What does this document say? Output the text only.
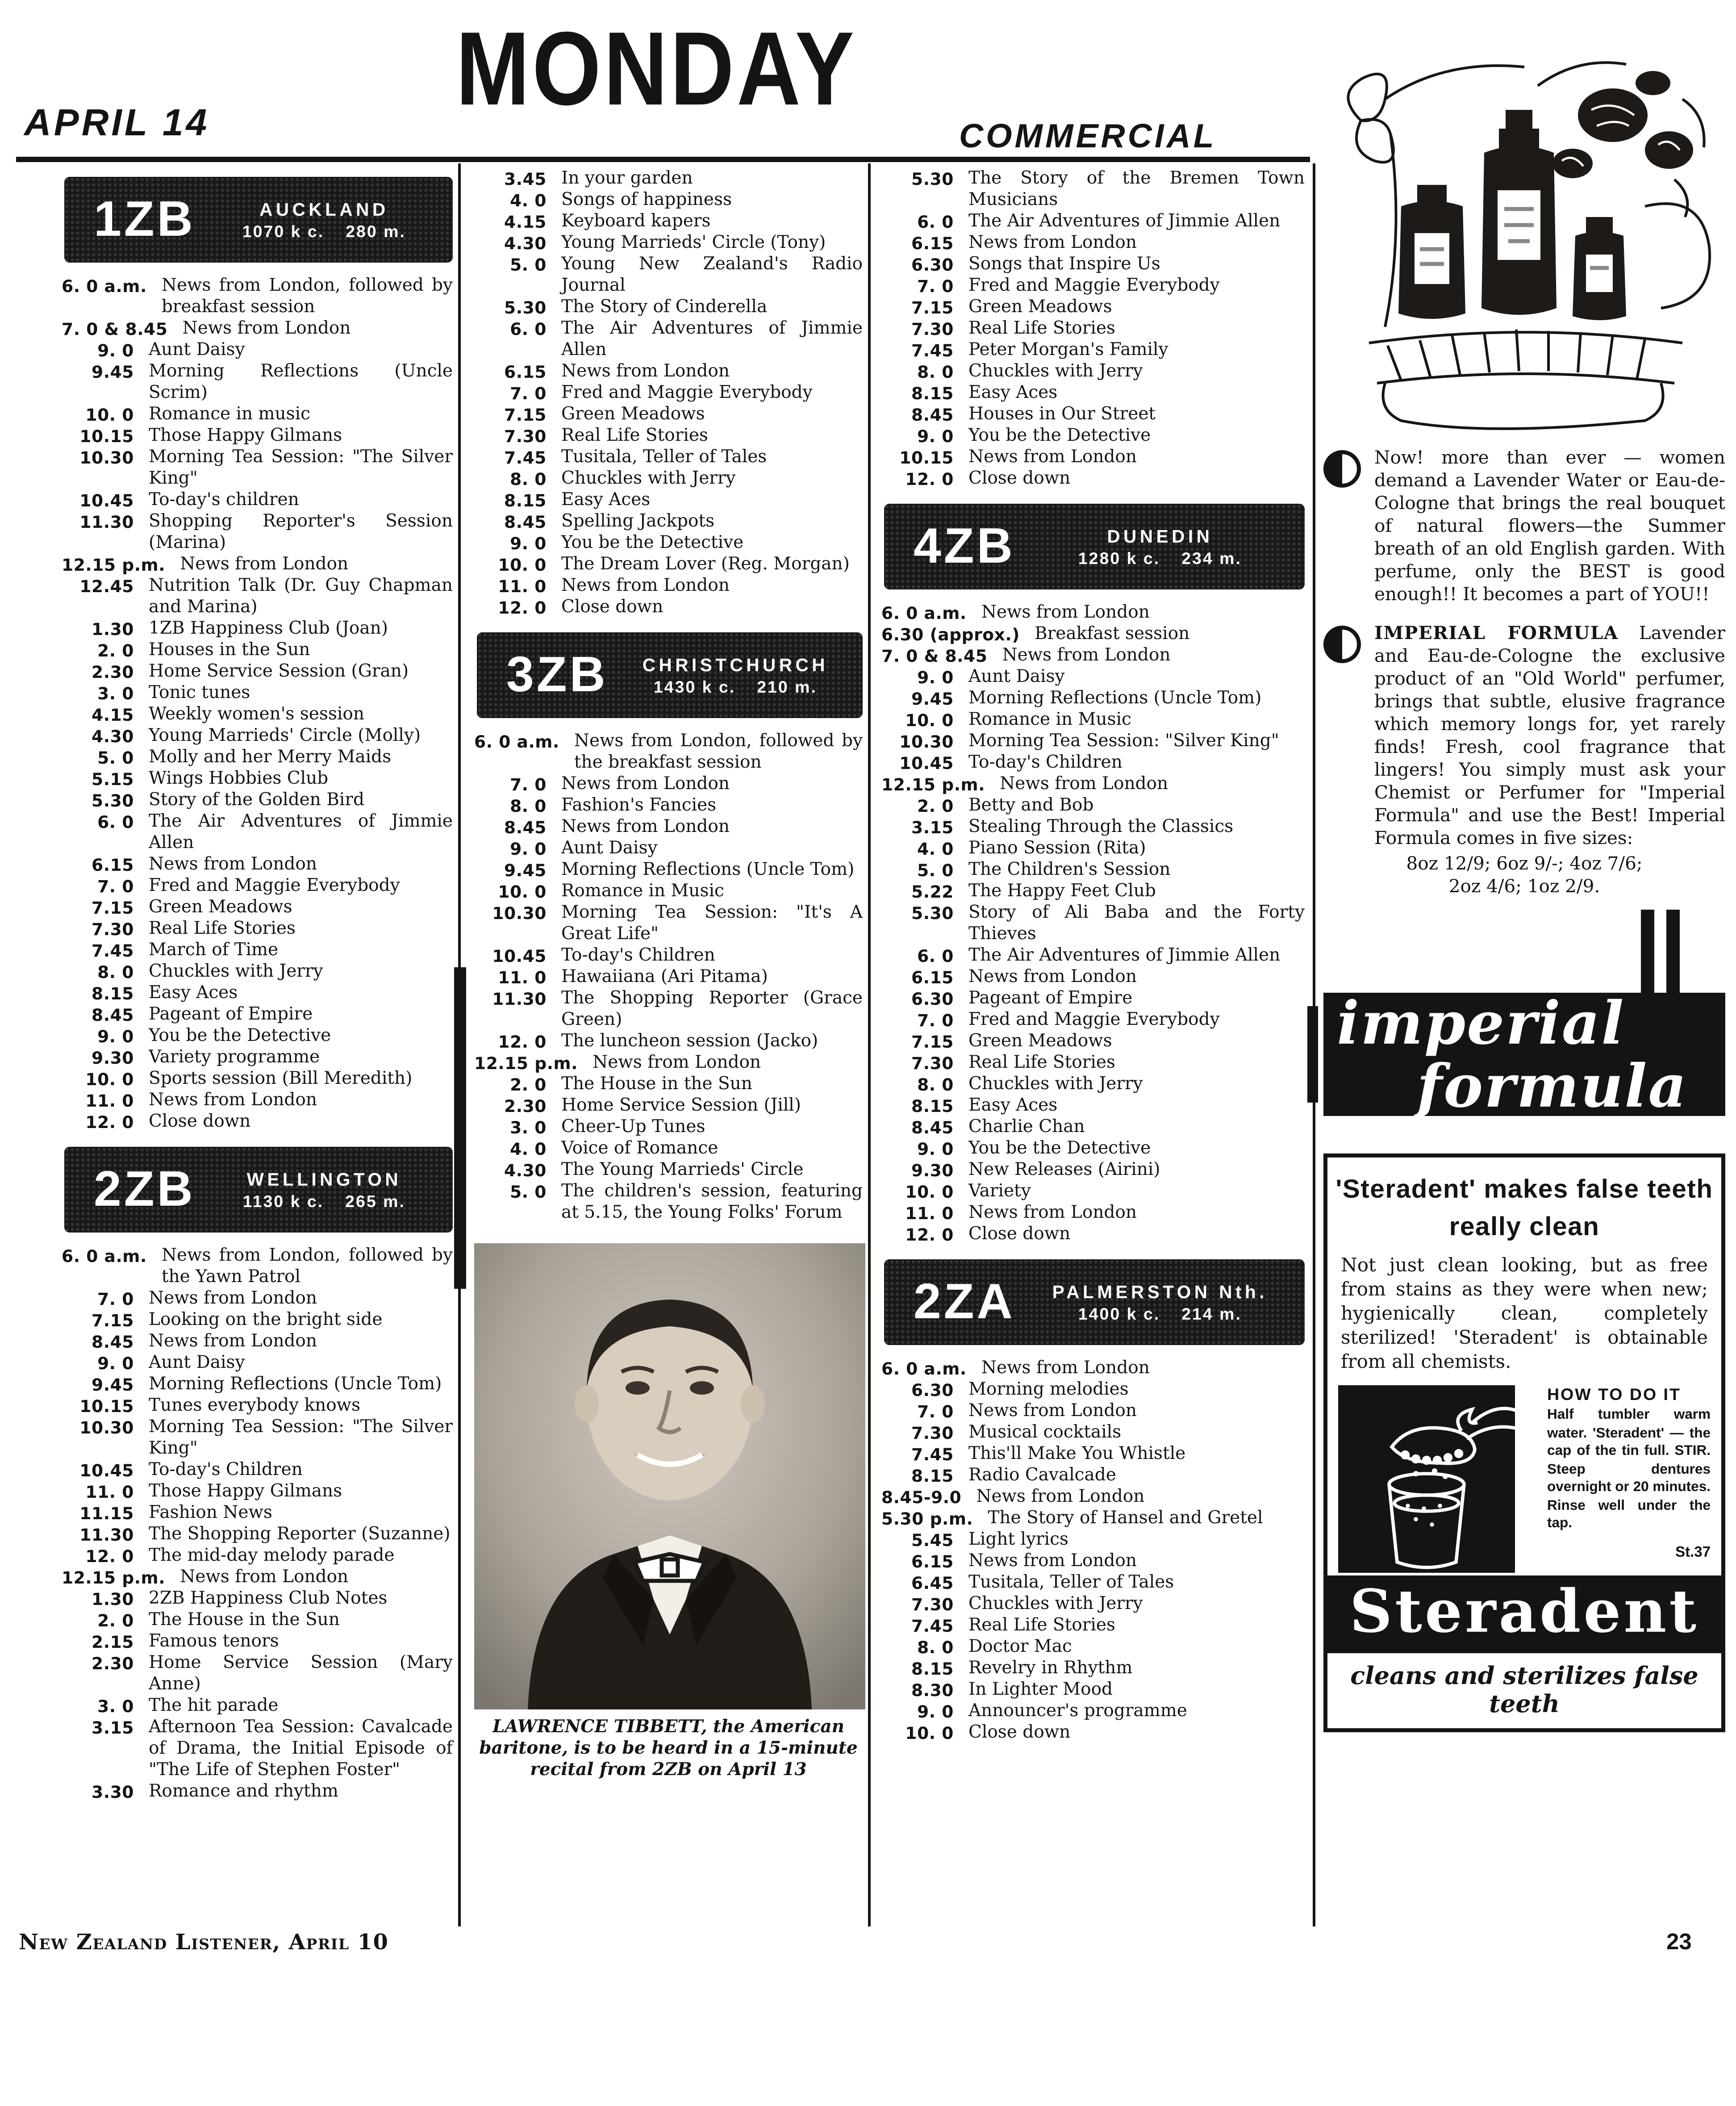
APRIL 14	MONDAY
COMMERCIAL
1ZB	AUCKLAND
1070 k c.	280 m.
6. 0 a.m.	News from London, followed by breakfast session
7. 0 & 8.45	News from London
9. 0	Aunt Daisy
9.45	Morning Reflections (Uncle Scrim)
10. 0	Romance in music
10.15	Those Happy Gilmans
10.30	Morning Tea Session: "The Silver King"
10.45	To-day's children
11.30	Shopping Reporter's Session (Marina)
12.15 p.m.	News from London
12.45	Nutrition Talk (Dr. Guy Chapman and Marina)
1.30	1ZB Happiness Club (Joan)
2. 0	Houses in the Sun
2.30	Home Service Session (Gran)
3. 0	Tonic tunes
4.15	Weekly women's session
4.30	Young Marrieds' Circle (Molly)
5. 0	Molly and her Merry Maids
5.15	Wings Hobbies Club
5.30	Story of the Golden Bird
6. 0	The Air Adventures of Jimmie Allen
6.15	News from London
7. 0	Fred and Maggie Everybody
7.15	Green Meadows
7.30	Real Life Stories
7.45	March of Time
8. 0	Chuckles with Jerry
8.15	Easy Aces
8.45	Pageant of Empire
9. 0	You be the Detective
9.30	Variety programme
10. 0	Sports session (Bill Meredith)
11. 0	News from London
12. 0	Close down
2ZB	WELLINGTON
1130 k c.	265 m.
6. 0 a.m.	News from London, followed by the Yawn Patrol
7. 0	News from London
7.15	Looking on the bright side
8.45	News from London
9. 0	Aunt Daisy
9.45	Morning Reflections (Uncle Tom)
10.15	Tunes everybody knows
10.30	Morning Tea Session: "The Silver King"
10.45	To-day's Children
11. 0	Those Happy Gilmans
11.15	Fashion News
11.30	The Shopping Reporter (Suzanne)
12. 0	The mid-day melody parade
12.15 p.m.	News from London
1.30	2ZB Happiness Club Notes
2. 0	The House in the Sun
2.15	Famous tenors
2.30	Home Service Session (Mary Anne)
3. 0	The hit parade
3.15	Afternoon Tea Session: Cavalcade of Drama, the Initial Episode of "The Life of Stephen Foster"
3.30	Romance and rhythm
3.45	In your garden
4. 0	Songs of happiness
4.15	Keyboard kapers
4.30	Young Marrieds' Circle (Tony)
5. 0	Young New Zealand's Radio Journal
5.30	The Story of Cinderella
6. 0	The Air Adventures of Jimmie Allen
6.15	News from London
7. 0	Fred and Maggie Everybody
7.15	Green Meadows
7.30	Real Life Stories
7.45	Tusitala, Teller of Tales
8. 0	Chuckles with Jerry
8.15	Easy Aces
8.45	Spelling Jackpots
9. 0	You be the Detective
10. 0	The Dream Lover (Reg. Morgan)
11. 0	News from London
12. 0	Close down
3ZB	CHRISTCHURCH
1430 k c.	210 m.
6. 0 a.m.	News from London, followed by the breakfast session
7. 0	News from London
8. 0	Fashion's Fancies
8.45	News from London
9. 0	Aunt Daisy
9.45	Morning Reflections (Uncle Tom)
10. 0	Romance in Music
10.30	Morning Tea Session: "It's A Great Life"
10.45	To-day's Children
11. 0	Hawaiiana (Ari Pitama)
11.30	The Shopping Reporter (Grace Green)
12. 0	The luncheon session (Jacko)
12.15 p.m.	News from London
2. 0	The House in the Sun
2.30	Home Service Session (Jill)
3. 0	Cheer-Up Tunes
4. 0	Voice of Romance
4.30	The Young Marrieds' Circle
5. 0	The children's session, featuring at 5.15, the Young Folks' Forum
LAWRENCE TIBBETT, the American baritone, is to be heard in a 15-minute recital from 2ZB on April 13
5.30	The Story of the Bremen Town Musicians
6. 0	The Air Adventures of Jimmie Allen
6.15	News from London
6.30	Songs that Inspire Us
7. 0	Fred and Maggie Everybody
7.15	Green Meadows
7.30	Real Life Stories
7.45	Peter Morgan's Family
8. 0	Chuckles with Jerry
8.15	Easy Aces
8.45	Houses in Our Street
9. 0	You be the Detective
10.15	News from London
12. 0	Close down
4ZB	DUNEDIN
1280 k c.	234 m.
6. 0 a.m.	News from London
6.30 (approx.)	Breakfast session
7. 0 & 8.45	News from London
9. 0	Aunt Daisy
9.45	Morning Reflections (Uncle Tom)
10. 0	Romance in Music
10.30	Morning Tea Session: "Silver King"
10.45	To-day's Children
12.15 p.m.	News from London
2. 0	Betty and Bob
3.15	Stealing Through the Classics
4. 0	Piano Session (Rita)
5. 0	The Children's Session
5.22	The Happy Feet Club
5.30	Story of Ali Baba and the Forty Thieves
6. 0	The Air Adventures of Jimmie Allen
6.15	News from London
6.30	Pageant of Empire
7. 0	Fred and Maggie Everybody
7.15	Green Meadows
7.30	Real Life Stories
8. 0	Chuckles with Jerry
8.15	Easy Aces
8.45	Charlie Chan
9. 0	You be the Detective
9.30	New Releases (Airini)
10. 0	Variety
11. 0	News from London
12. 0	Close down
2ZA	PALMERSTON Nth.
1400 k c.	214 m.
6. 0 a.m.	News from London
6.30	Morning melodies
7. 0	News from London
7.30	Musical cocktails
7.45	This'll Make You Whistle
8.15	Radio Cavalcade
8.45-9.0	News from London
5.30 p.m.	The Story of Hansel and Gretel
5.45	Light lyrics
6.15	News from London
6.45	Tusitala, Teller of Tales
7.30	Chuckles with Jerry
7.45	Real Life Stories
8. 0	Doctor Mac
8.15	Revelry in Rhythm
8.30	In Lighter Mood
9. 0	Announcer's programme
10. 0	Close down

Now! more than ever — women demand a Lavender Water or Eau-de-Cologne that brings the real bouquet of natural flowers—the Summer breath of an old English garden. With perfume, only the BEST is good enough!! It becomes a part of YOU!!

IMPERIAL FORMULA Lavender and Eau-de-Cologne the exclusive product of an "Old World" perfumer, brings that subtle, elusive fragrance which memory longs for, yet rarely finds! Fresh, cool fragrance that lingers! You simply must ask your Chemist or Perfumer for "Imperial Formula" and use the Best! Imperial Formula comes in five sizes:

8oz 12/9; 6oz 9/-; 4oz 7/6;
2oz 4/6; 1oz 2/9.
imperial
formula
'Steradent' makes false teeth really clean
Not just clean looking, but as free from stains as they were when new; hygienically clean, completely sterilized! 'Steradent' is obtainable from all chemists.
HOW TO DO IT
Half tumbler warm water. 'Steradent' — the cap of the tin full. STIR. Steep dentures overnight or 20 minutes. Rinse well under the tap.
St.37
Steradent
cleans and sterilizes false teeth
New Zealand Listener, April 10	23
